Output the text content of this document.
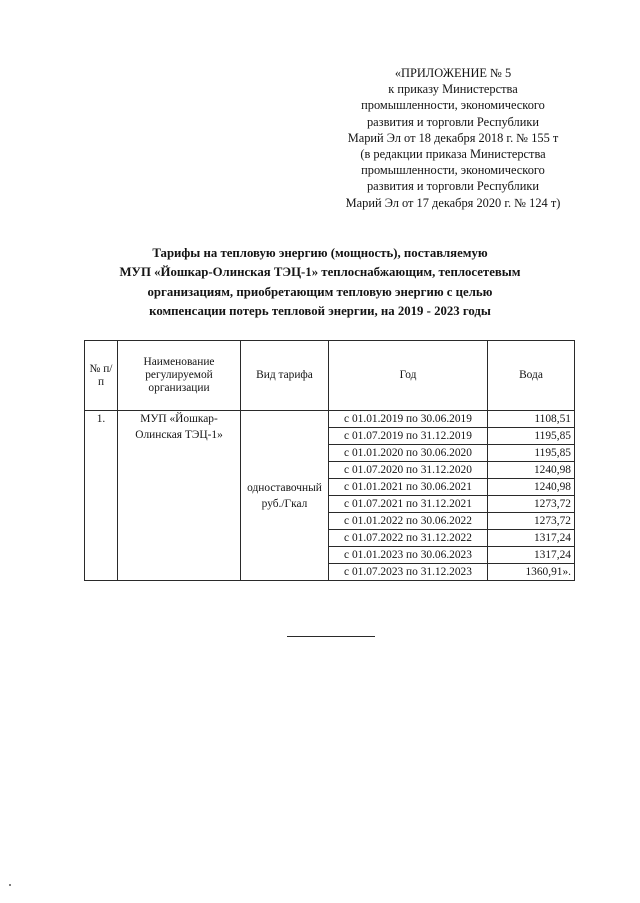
«ПРИЛОЖЕНИЕ № 5
к приказу Министерства
промышленности, экономического
развития и торговли Республики
Марий Эл от 18 декабря 2018 г. № 155 т
(в редакции приказа Министерства
промышленности, экономического
развития и торговли Республики
Марий Эл от 17 декабря 2020 г. № 124 т)
Тарифы на тепловую энергию (мощность), поставляемую
МУП «Йошкар-Олинская ТЭЦ-1» теплоснабжающим, теплосетевым
организациям, приобретающим тепловую энергию с целью
компенсации потерь тепловой энергии, на 2019 - 2023 годы
№ п/п	Наименование регулируемой организации	Вид тарифа	Год	Вода
1.	МУП «Йошкар-Олинская ТЭЦ-1»	одноставочный руб./Гкал	с 01.01.2019 по 30.06.2019	1108,51
			с 01.07.2019 по 31.12.2019	1195,85
			с 01.01.2020 по 30.06.2020	1195,85
			с 01.07.2020 по 31.12.2020	1240,98
			с 01.01.2021 по 30.06.2021	1240,98
			с 01.07.2021 по 31.12.2021	1273,72
			с 01.01.2022 по 30.06.2022	1273,72
			с 01.07.2022 по 31.12.2022	1317,24
			с 01.01.2023 по 30.06.2023	1317,24
			с 01.07.2023 по 31.12.2023	1360,91».
